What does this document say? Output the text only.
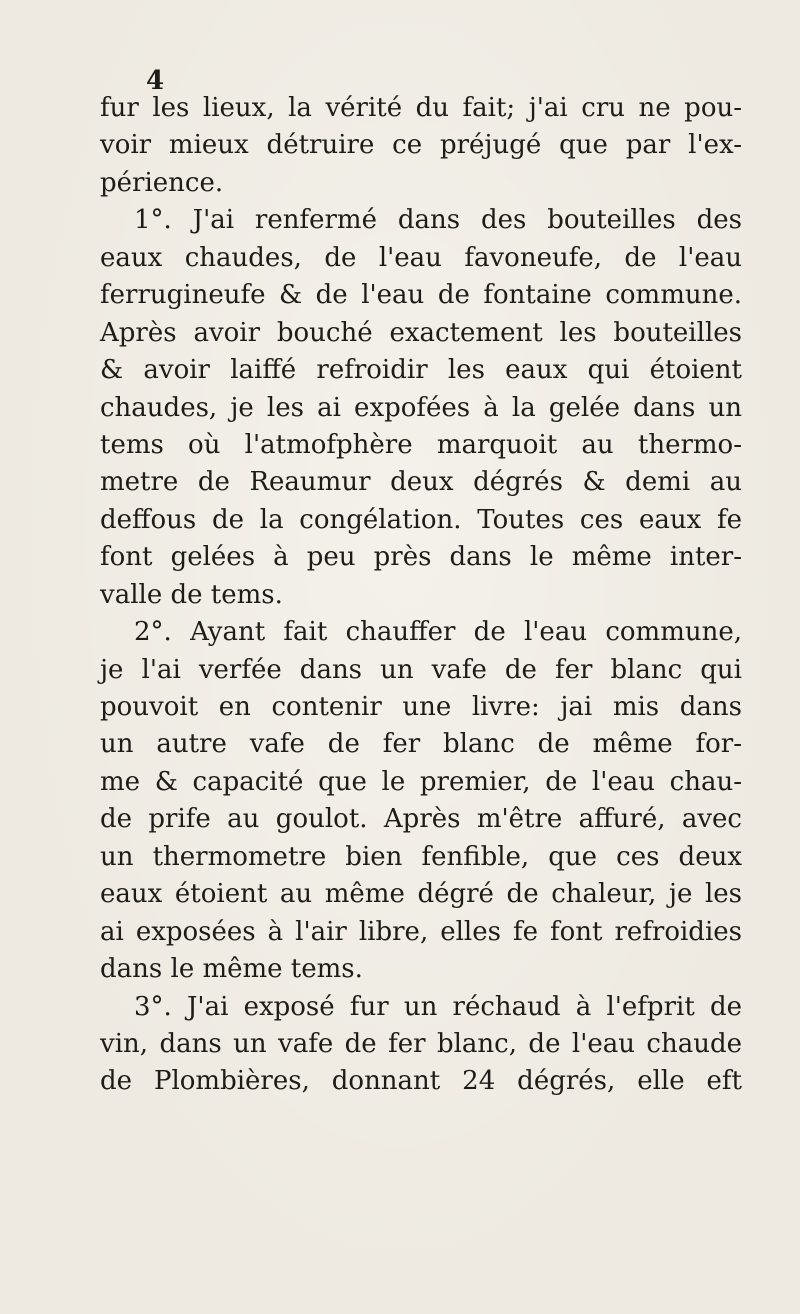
4
fur les lieux, la vérité du fait; j'ai cru ne pou-
voir mieux détruire ce préjugé que par l'ex-
périence.
1°. J'ai renfermé dans des bouteilles des
eaux chaudes, de l'eau favoneufe, de l'eau
ferrugineufe & de l'eau de fontaine commune.
Après avoir bouché exactement les bouteilles
& avoir laiffé refroidir les eaux qui étoient
chaudes, je les ai expofées à la gelée dans un
tems où l'atmofphère marquoit au thermo-
metre de Reaumur deux dégrés & demi au
deffous de la congélation. Toutes ces eaux fe
font gelées à peu près dans le même inter-
valle de tems.
2°. Ayant fait chauffer de l'eau commune,
je l'ai verfée dans un vafe de fer blanc qui
pouvoit en contenir une livre: jai mis dans
un autre vafe de fer blanc de même for-
me & capacité que le premier, de l'eau chau-
de prife au goulot. Après m'être affuré, avec
un thermometre bien fenfible, que ces deux
eaux étoient au même dégré de chaleur, je les
ai exposées à l'air libre, elles fe font refroidies
dans le même tems.
3°. J'ai exposé fur un réchaud à l'efprit de
vin, dans un vafe de fer blanc, de l'eau chaude
de Plombières, donnant 24 dégrés, elle eft
